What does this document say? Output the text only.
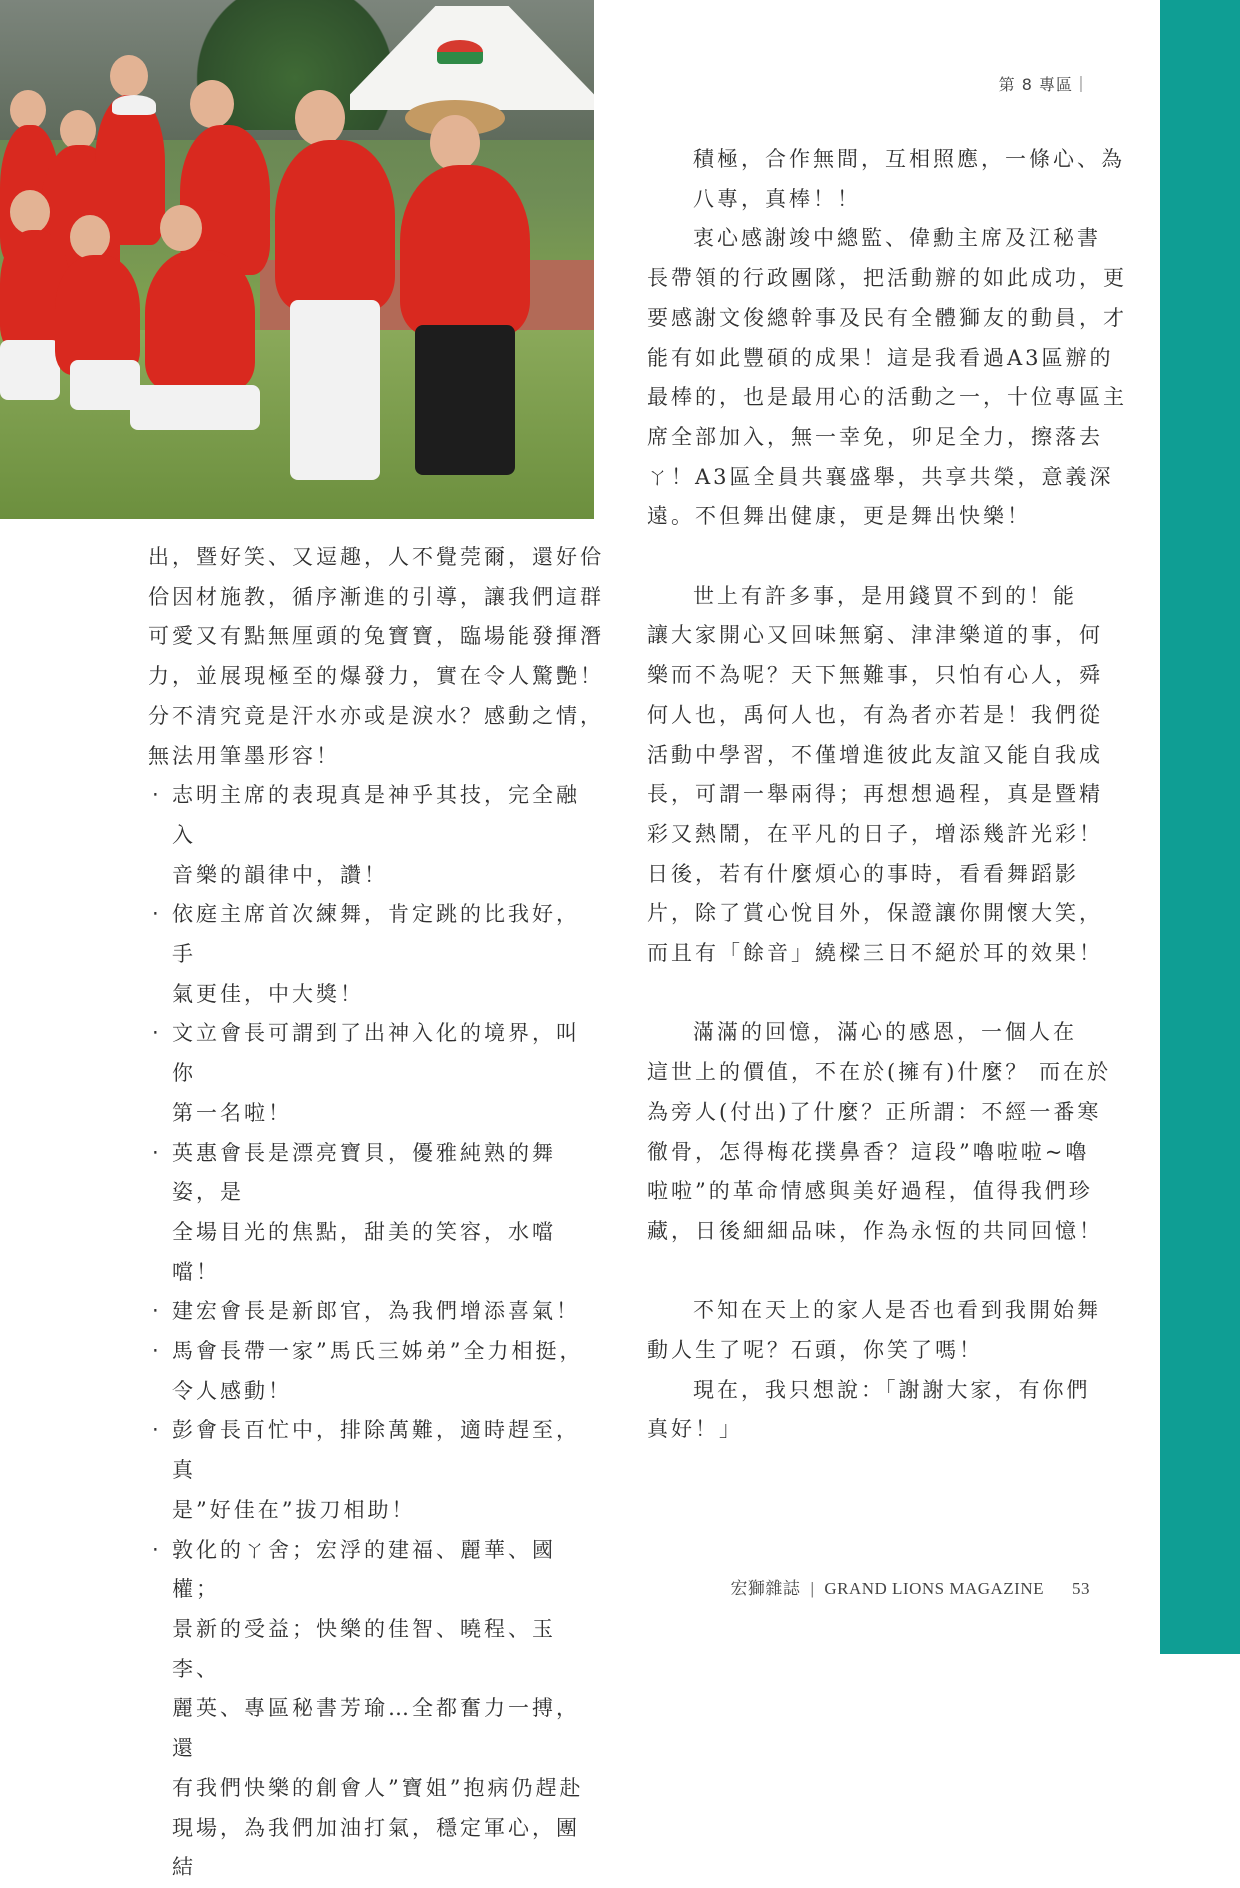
第 8 專區｜

出，暨好笑、又逗趣，人不覺莞爾，還好佮

佮因材施教，循序漸進的引導，讓我們這群

可愛又有點無厘頭的兔寶寶，臨場能發揮潛

力，並展現極至的爆發力，實在令人驚艷！

分不清究竟是汗水亦或是淚水？感動之情，

無法用筆墨形容！

‧ 志明主席的表現真是神乎其技，完全融入
音樂的韻律中，讚！
‧ 依庭主席首次練舞，肯定跳的比我好，手
氣更佳，中大獎！
‧ 文立會長可謂到了出神入化的境界，叫你
第一名啦！
‧ 英惠會長是漂亮寶貝，優雅純熟的舞姿，是
全場目光的焦點，甜美的笑容，水噹噹！
‧ 建宏會長是新郎官，為我們增添喜氣！
‧ 馬會長帶一家”馬氏三姊弟”全力相挺，
令人感動！
‧ 彭會長百忙中，排除萬難，適時趕至，真
是”好佳在”拔刀相助！
‧ 敦化的ㄚ舍；宏浮的建福、麗華、國權；
景新的受益；快樂的佳智、曉程、玉李、
麗英、專區秘書芳瑜…全都奮力一搏，還
有我們快樂的創會人”寶姐”抱病仍趕赴
現場，為我們加油打氣，穩定軍心，團結

積極，合作無間，互相照應，一條心、為

八專，真棒！！

衷心感謝竣中總監、偉勳主席及江秘書

長帶領的行政團隊，把活動辦的如此成功，更

要感謝文俊總幹事及民有全體獅友的動員，才

能有如此豐碩的成果！這是我看過A3區辦的

最棒的，也是最用心的活動之一，十位專區主

席全部加入，無一幸免，卯足全力，擦落去

ㄚ！A3區全員共襄盛舉，共享共榮，意義深

遠。不但舞出健康，更是舞出快樂！

世上有許多事，是用錢買不到的！能

讓大家開心又回味無窮、津津樂道的事，何

樂而不為呢？天下無難事，只怕有心人，舜

何人也，禹何人也，有為者亦若是！我們從

活動中學習，不僅增進彼此友誼又能自我成

長，可謂一舉兩得；再想想過程，真是暨精

彩又熱鬧，在平凡的日子，增添幾許光彩！

日後，若有什麼煩心的事時，看看舞蹈影

片，除了賞心悅目外，保證讓你開懷大笑，

而且有「餘音」繞樑三日不絕於耳的效果！

滿滿的回憶，滿心的感恩，一個人在

這世上的價值，不在於(擁有)什麼？ 而在於

為旁人(付出)了什麼？正所謂：不經一番寒

徹骨，怎得梅花撲鼻香？這段”嚕啦啦~嚕

啦啦”的革命情感與美好過程，值得我們珍

藏，日後細細品味，作為永恆的共同回憶！

不知在天上的家人是否也看到我開始舞

動人生了呢？石頭，你笑了嗎！

現在，我只想說：「謝謝大家，有你們

真好！」

宏獅雜誌 | GRAND LIONS MAGAZINE 53
